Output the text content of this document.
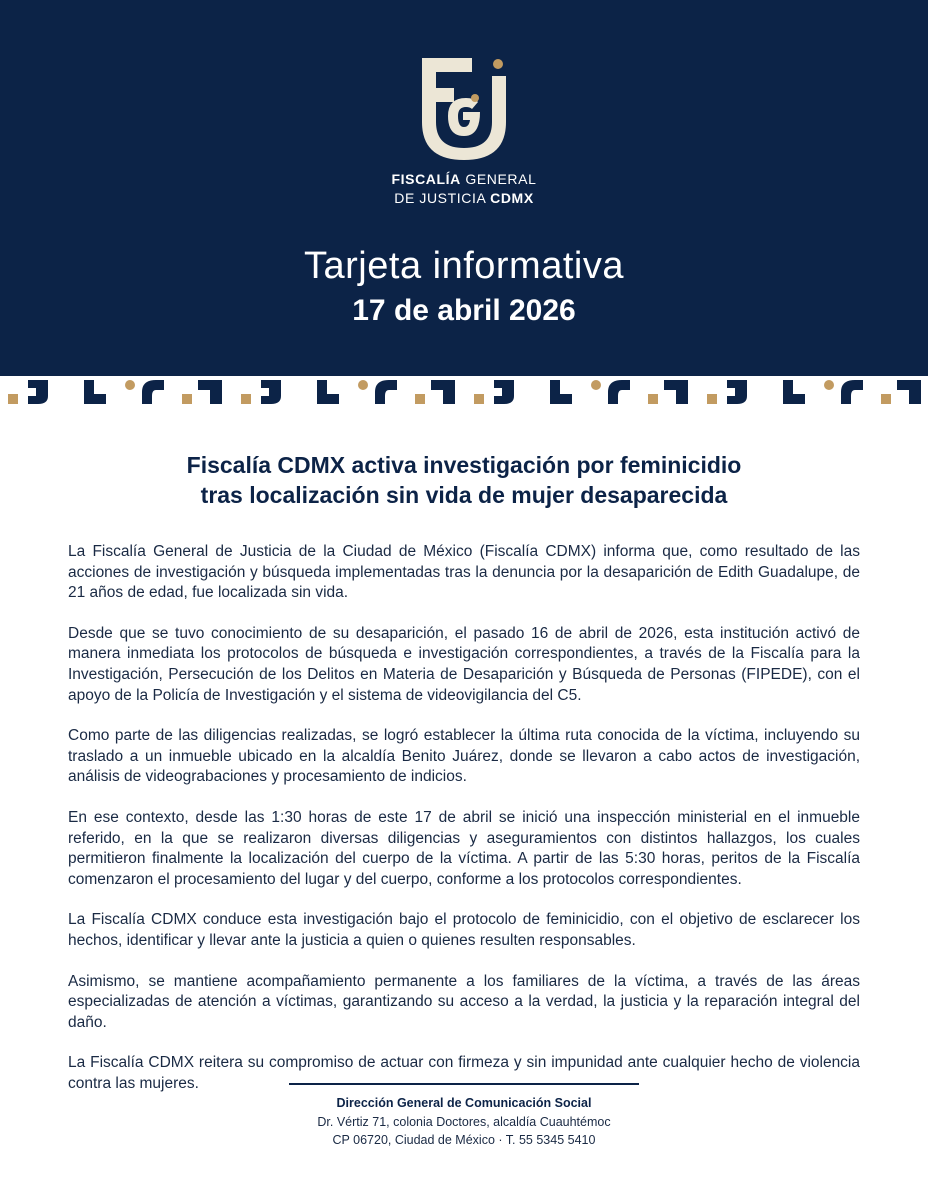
FISCALÍA GENERAL
DE JUSTICIA CDMX
Tarjeta informativa
17 de abril 2026
Fiscalía CDMX activa investigación por feminicidio
tras localización sin vida de mujer desaparecida

La Fiscalía General de Justicia de la Ciudad de México (Fiscalía CDMX) informa que, como resultado de las acciones de investigación y búsqueda implementadas tras la denuncia por la desaparición de Edith Guadalupe, de 21 años de edad, fue localizada sin vida.

Desde que se tuvo conocimiento de su desaparición, el pasado 16 de abril de 2026, esta institución activó de manera inmediata los protocolos de búsqueda e investigación correspondientes, a través de la Fiscalía para la Investigación, Persecución de los Delitos en Materia de Desaparición y Búsqueda de Personas (FIPEDE), con el apoyo de la Policía de Investigación y el sistema de videovigilancia del C5.

Como parte de las diligencias realizadas, se logró establecer la última ruta conocida de la víctima, incluyendo su traslado a un inmueble ubicado en la alcaldía Benito Juárez, donde se llevaron a cabo actos de investigación, análisis de videograbaciones y procesamiento de indicios.

En ese contexto, desde las 1:30 horas de este 17 de abril se inició una inspección ministerial en el inmueble referido, en la que se realizaron diversas diligencias y aseguramientos con distintos hallazgos, los cuales permitieron finalmente la localización del cuerpo de la víctima. A partir de las 5:30 horas, peritos de la Fiscalía comenzaron el procesamiento del lugar y del cuerpo, conforme a los protocolos correspondientes.

La Fiscalía CDMX conduce esta investigación bajo el protocolo de feminicidio, con el objetivo de esclarecer los hechos, identificar y llevar ante la justicia a quien o quienes resulten responsables.

Asimismo, se mantiene acompañamiento permanente a los familiares de la víctima, a través de las áreas especializadas de atención a víctimas, garantizando su acceso a la verdad, la justicia y la reparación integral del daño.

La Fiscalía CDMX reitera su compromiso de actuar con firmeza y sin impunidad ante cualquier hecho de violencia contra las mujeres.

Dirección General de Comunicación Social
Dr. Vértiz 71, colonia Doctores, alcaldía Cuauhtémoc
CP 06720, Ciudad de México · T. 55 5345 5410
